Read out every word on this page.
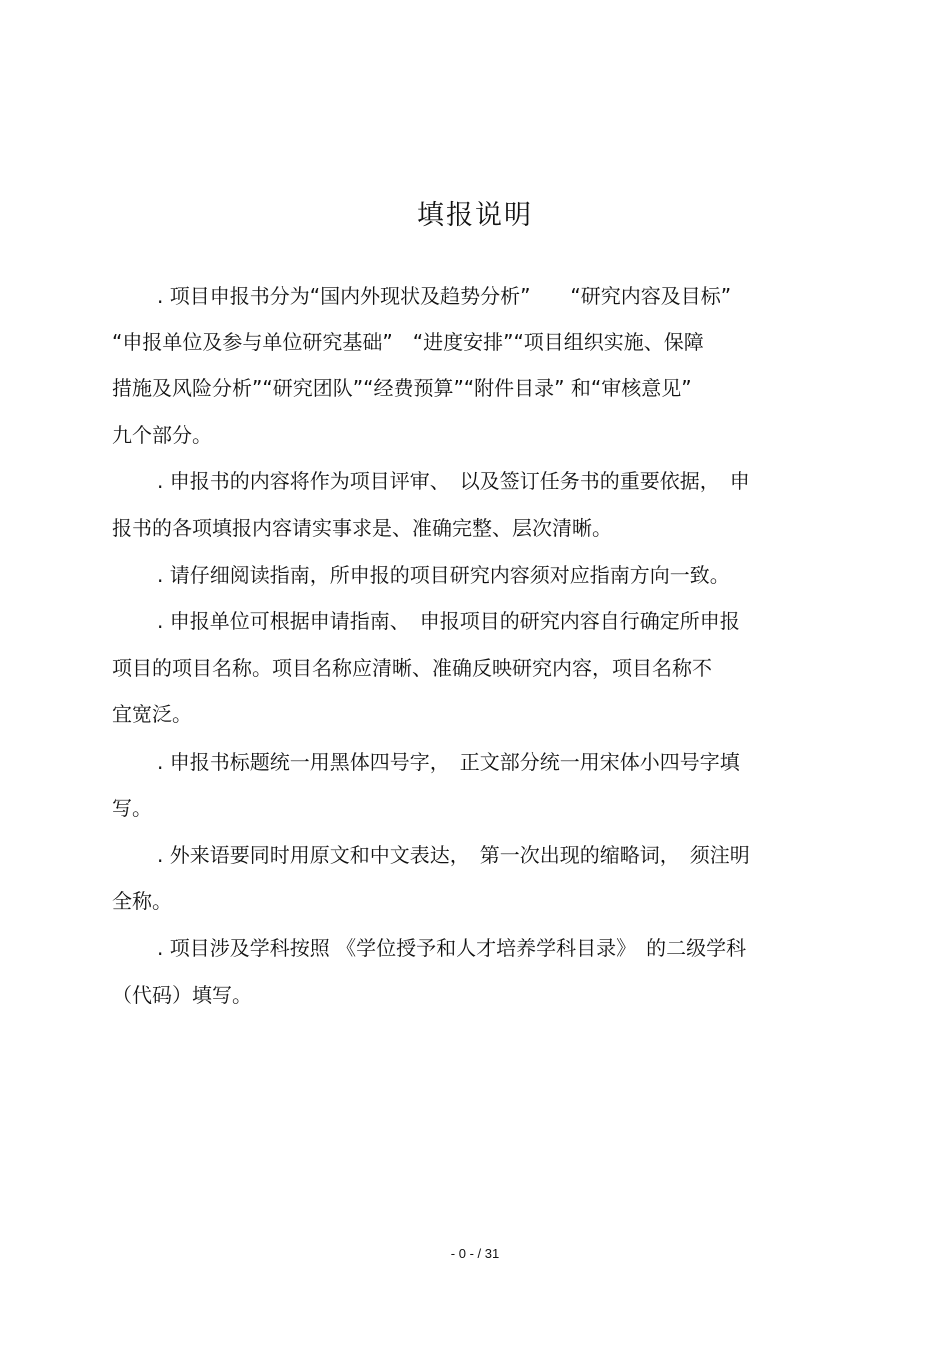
填报说明
. 项目申报书分为“国内外现状及趋势分析”　　“研究内容及目标”
“申报单位及参与单位研究基础”　“进度安排”“项目组织实施、保障
措施及风险分析”“研究团队”“经费预算”“附件目录” 和“审核意见”
九个部分。
. 申报书的内容将作为项目评审、　以及签订任务书的重要依据，　申
报书的各项填报内容请实事求是、准确完整、层次清晰。
. 请仔细阅读指南，所申报的项目研究内容须对应指南方向一致。
. 申报单位可根据申请指南、　申报项目的研究内容自行确定所申报
项目的项目名称。项目名称应清晰、准确反映研究内容，项目名称不
宜宽泛。
. 申报书标题统一用黑体四号字，　正文部分统一用宋体小四号字填
写。
. 外来语要同时用原文和中文表达，　第一次出现的缩略词，　须注明
全称。
. 项目涉及学科按照 《学位授予和人才培养学科目录》　的二级学科
（代码）填写。
- 0 - / 31
